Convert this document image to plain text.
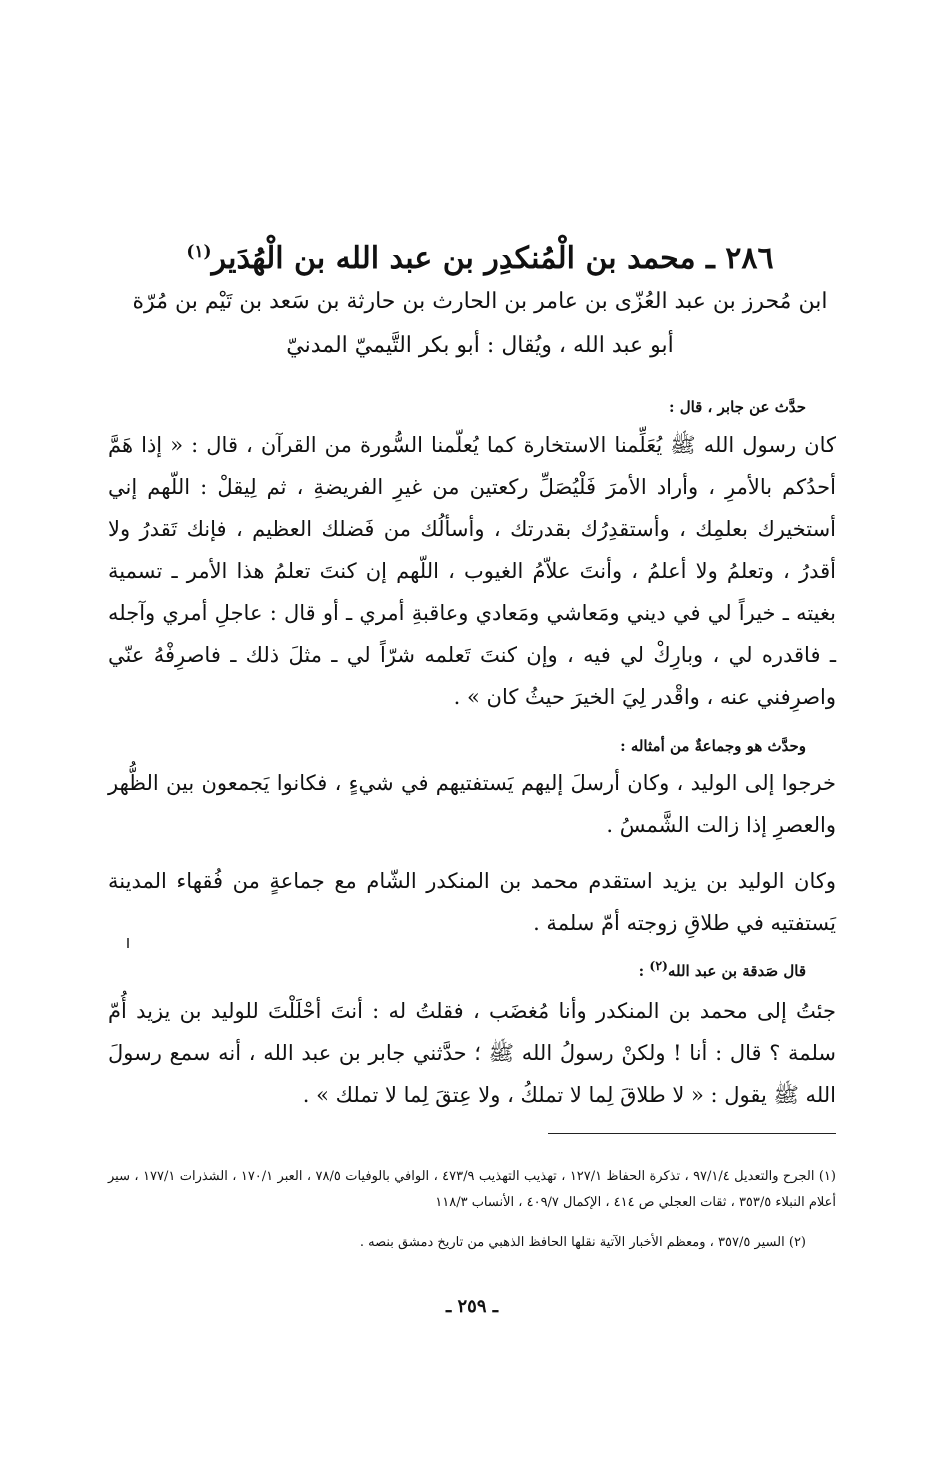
٢٨٦ ـ محمد بن الْمُنكدِر بن عبد الله بن الْهُدَير$^{(١)}$
ابن مُحرز بن عبد العُزّى بن عامر بن الحارث بن حارثة بن سَعد بن تَيْم بن مُرّة
أبو عبد الله ، ويُقال : أبو بكر التَّيميّ المدنيّ
حدَّث عن جابر ، قال :
كان رسول الله ﷺ يُعَلِّمنا الاستخارة كما يُعلّمنا السُّورة من القرآن ، قال : « إذا هَمَّ أحدُكم بالأمرِ ، وأراد الأمرَ فَلْيُصَلِّ ركعتين من غيرِ الفريضةِ ، ثم لِيقلْ : اللّهم إني أستخيرك بعلمِك ، وأستقدِرُك بقدرتك ، وأسألُك من فَضلك العظيم ، فإنك تَقدرُ ولا أقدرُ ، وتعلمُ ولا أعلمُ ، وأنتَ علاّمُ الغيوب ، اللّهم إن كنتَ تعلمُ هذا الأمر ـ تسمية بغيته ـ خيراً لي في ديني ومَعاشي ومَعادي وعاقبةِ أمري ـ أو قال : عاجلِ أمري وآجله ـ فاقدره لي ، وبارِكْ لي فيه ، وإن كنتَ تَعلمه شرّاً لي ـ مثلَ ذلك ـ فاصرِفْهُ عنّي واصرِفني عنه ، واقْدر لِيَ الخيرَ حيثُ كان » .
وحدَّث هو وجماعةٌ من أمثاله :
خرجوا إلى الوليد ، وكان أرسلَ إليهم يَستفتيهم في شيءٍ ، فكانوا يَجمعون بين الظُّهر والعصرِ إذا زالت الشَّمسُ .
وكان الوليد بن يزيد استقدم محمد بن المنكدر الشّام مع جماعةٍ من فُقهاء المدينة يَستفتيه في طلاقِ زوجته أمّ سلمة .
قال صَدقة بن عبد الله$^{(٢)}$ :
جئتُ إلى محمد بن المنكدر وأنا مُغضَب ، فقلتُ له : أنتَ أحْلَلْتَ للوليد بن يزيد أُمّ سلمة ؟ قال : أنا ! ولكنْ رسولُ الله ﷺ ؛ حدَّثني جابر بن عبد الله ، أنه سمع رسولَ الله ﷺ يقول : « لا طلاقَ لِما لا تملكُ ، ولا عِتقَ لِما لا تملك » .
(١) الجرح والتعديل ٩٧/١/٤ ، تذكرة الحفاظ ١٢٧/١ ، تهذيب التهذيب ٤٧٣/٩ ، الوافي بالوفيات ٧٨/٥ ، العبر ١٧٠/١ ، الشذرات ١٧٧/١ ، سير أعلام النبلاء ٣٥٣/٥ ، ثقات العجلي ص ٤١٤ ، الإكمال ٤٠٩/٧ ، الأنساب ١١٨/٣
(٢) السير ٣٥٧/٥ ، ومعظم الأخبار الآتية نقلها الحافظ الذهبي من تاريخ دمشق بنصه .
ـ ٢٥٩ ـ
